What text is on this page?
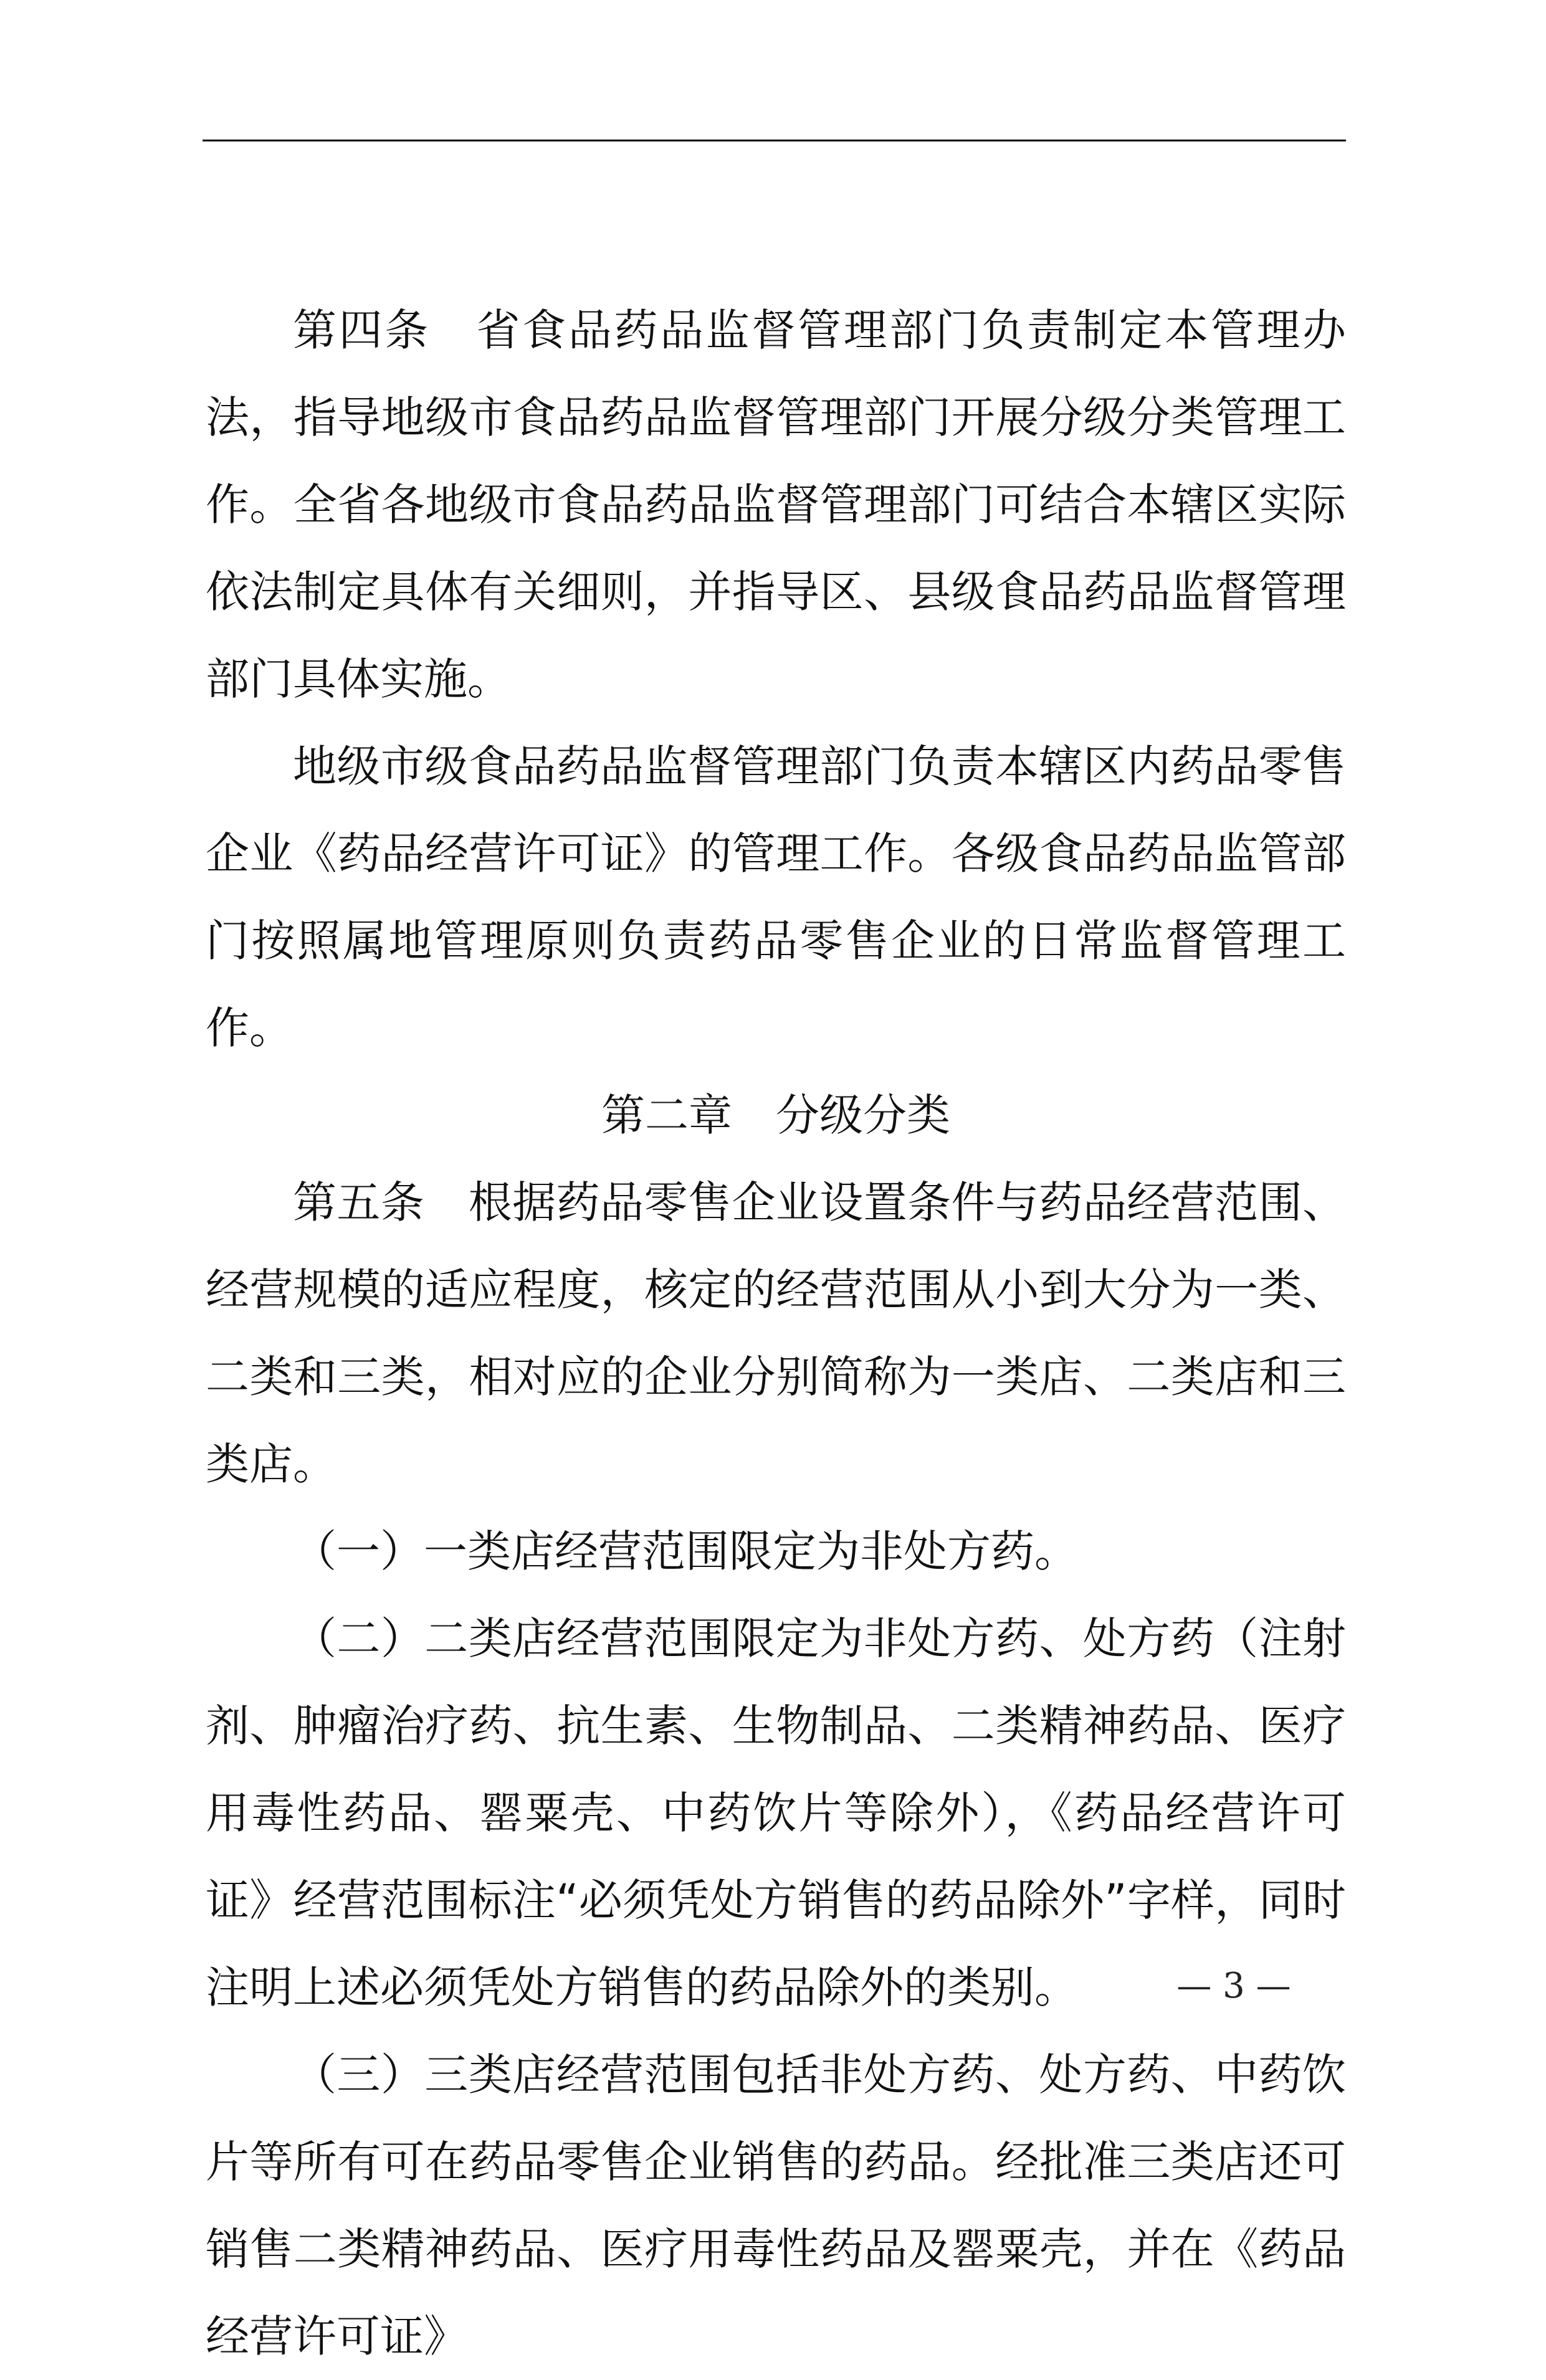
第四条　省食品药品监督管理部门负责制定本管理办法，指导地级市食品药品监督管理部门开展分级分类管理工作。全省各地级市食品药品监督管理部门可结合本辖区实际依法制定具体有关细则，并指导区、县级食品药品监督管理部门具体实施。

地级市级食品药品监督管理部门负责本辖区内药品零售企业《药品经营许可证》的管理工作。各级食品药品监管部门按照属地管理原则负责药品零售企业的日常监督管理工作。

第二章　分级分类

第五条　根据药品零售企业设置条件与药品经营范围、经营规模的适应程度，核定的经营范围从小到大分为一类、二类和三类，相对应的企业分别简称为一类店、二类店和三类店。

（一）一类店经营范围限定为非处方药。

（二）二类店经营范围限定为非处方药、处方药（注射剂、肿瘤治疗药、抗生素、生物制品、二类精神药品、医疗用毒性药品、罂粟壳、中药饮片等除外），《药品经营许可证》经营范围标注“必须凭处方销售的药品除外”字样，同时注明上述必须凭处方销售的药品除外的类别。

（三）三类店经营范围包括非处方药、处方药、中药饮片等所有可在药品零售企业销售的药品。经批准三类店还可销售二类精神药品、医疗用毒性药品及罂粟壳，并在《药品经营许可证》

— 3 —
